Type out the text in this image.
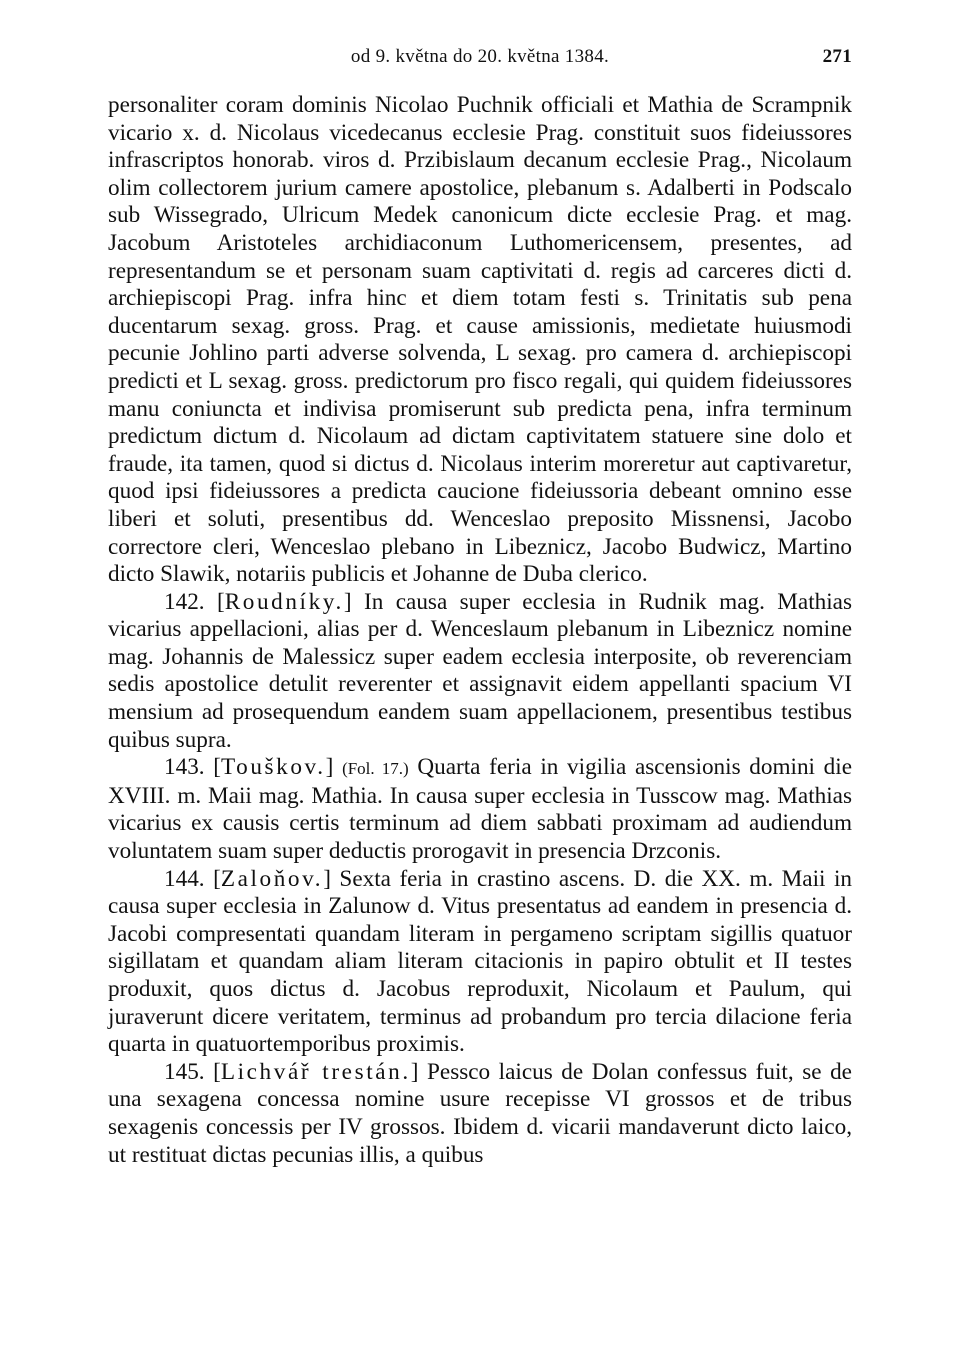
od 9. května do 20. května 1384.	271

personaliter coram dominis Nicolao Puchnik officiali et Mathia de Scrampnik vicario x. d. Nicolaus vicedecanus ecclesie Prag. constituit suos fideiussores infrascriptos honorab. viros d. Przibislaum decanum ecclesie Prag., Nicolaum olim collectorem jurium camere apostolice, plebanum s. Adalberti in Podscalo sub Wissegrado, Ulricum Medek canonicum dicte ecclesie Prag. et mag. Jacobum Aristoteles archidiaconum Luthomericensem, presentes, ad representandum se et personam suam captivitati d. regis ad carceres dicti d. archiepiscopi Prag. infra hinc et diem totam festi s. Trinitatis sub pena ducentarum sexag. gross. Prag. et cause amissionis, medietate huiusmodi pecunie Johlino parti adverse solvenda, L sexag. pro camera d. archiepiscopi predicti et L sexag. gross. predictorum pro fisco regali, qui quidem fideiussores manu coniuncta et indivisa promiserunt sub predicta pena, infra terminum predictum dictum d. Nicolaum ad dictam captivitatem statuere sine dolo et fraude, ita tamen, quod si dictus d. Nicolaus interim moreretur aut captivaretur, quod ipsi fideiussores a predicta caucione fideiussoria debeant omnino esse liberi et soluti, presentibus dd. Wenceslao preposito Missnensi, Jacobo correctore cleri, Wenceslao plebano in Libeznicz, Jacobo Budwicz, Martino dicto Slawik, notariis publicis et Johanne de Duba clerico.

142. [Roudníky.] In causa super ecclesia in Rudnik mag. Mathias vicarius appellacioni, alias per d. Wenceslaum plebanum in Libeznicz nomine mag. Johannis de Malessicz super eadem ecclesia interposite, ob reverenciam sedis apostolice detulit reverenter et assignavit eidem appellanti spacium VI mensium ad prosequendum eandem suam appellacionem, presentibus testibus quibus supra.

143. [Touškov.] (Fol. 17.) Quarta feria in vigilia ascensionis domini die XVIII. m. Maii mag. Mathia. In causa super ecclesia in Tusscow mag. Mathias vicarius ex causis certis terminum ad diem sabbati proximam ad audiendum voluntatem suam super deductis prorogavit in presencia Drzconis.

144. [Zaloňov.] Sexta feria in crastino ascens. D. die XX. m. Maii in causa super ecclesia in Zalunow d. Vitus presentatus ad eandem in presencia d. Jacobi compresentati quandam literam in pergameno scriptam sigillis quatuor sigillatam et quandam aliam literam citacionis in papiro obtulit et II testes produxit, quos dictus d. Jacobus reproduxit, Nicolaum et Paulum, qui juraverunt dicere veritatem, terminus ad probandum pro tercia dilacione feria quarta in quatuortemporibus proximis.

145. [Lichvář trestán.] Pessco laicus de Dolan confessus fuit, se de una sexagena concessa nomine usure recepisse VI grossos et de tribus sexagenis concessis per IV grossos. Ibidem d. vicarii mandaverunt dicto laico, ut restituat dictas pecunias illis, a quibus
